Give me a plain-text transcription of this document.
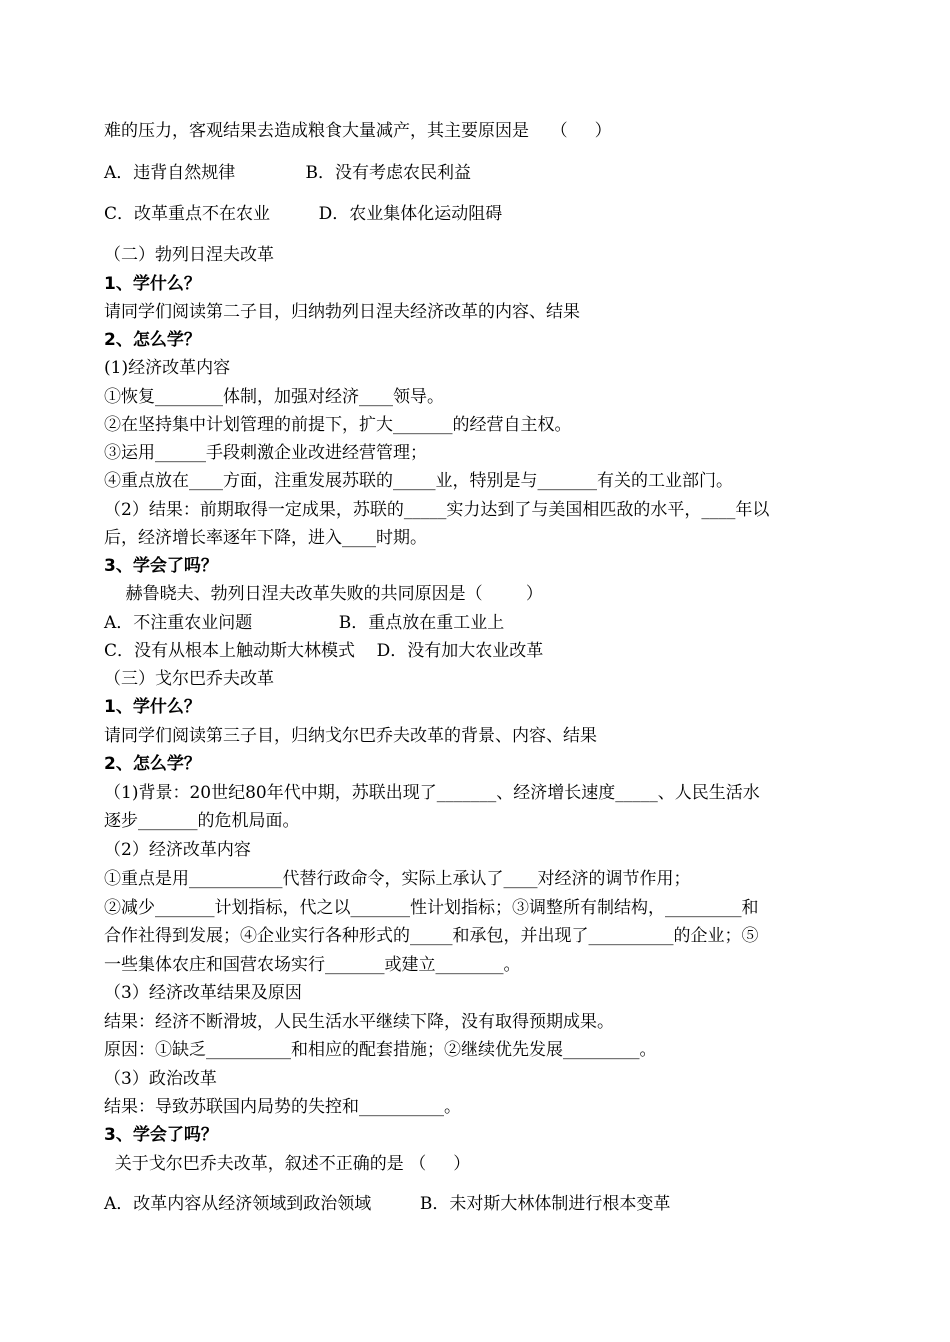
难的压力，客观结果去造成粮食大量减产，其主要原因是    （     ）
A．违背自然规律             B．没有考虑农民利益
C．改革重点不在农业         D．农业集体化运动阻碍
（二）勃列日涅夫改革
1、学什么？
请同学们阅读第二子目，归纳勃列日涅夫经济改革的内容、结果
2、怎么学？
(1)经济改革内容
①恢复________体制，加强对经济____领导。
②在坚持集中计划管理的前提下，扩大_______的经营自主权。
③运用______手段刺激企业改进经营管理；
④重点放在____方面，注重发展苏联的_____业，特别是与_______有关的工业部门。
（2）结果：前期取得一定成果，苏联的_____实力达到了与美国相匹敌的水平，____年以
后，经济增长率逐年下降，进入____时期。
3、学会了吗？
赫鲁晓夫、勃列日涅夫改革失败的共同原因是（        ）
A．不注重农业问题                B．重点放在重工业上
C．没有从根本上触动斯大林模式    D．没有加大农业改革
（三）戈尔巴乔夫改革
1、学什么？
请同学们阅读第三子目，归纳戈尔巴乔夫改革的背景、内容、结果
2、怎么学？
（1)背景：20世纪80年代中期，苏联出现了_______、经济增长速度_____、人民生活水
逐步_______的危机局面。
（2）经济改革内容
①重点是用___________代替行政命令，实际上承认了____对经济的调节作用；
②减少_______计划指标，代之以_______性计划指标；③调整所有制结构，_________和
合作社得到发展；④企业实行各种形式的_____和承包，并出现了__________的企业；⑤
一些集体农庄和国营农场实行_______或建立________。
（3）经济改革结果及原因
结果：经济不断滑坡，人民生活水平继续下降，没有取得预期成果。
原因：①缺乏__________和相应的配套措施；②继续优先发展_________。
（3）政治改革
结果：导致苏联国内局势的失控和__________。
3、学会了吗？
关于戈尔巴乔夫改革，叙述不正确的是 （     ）
A．改革内容从经济领域到政治领域         B．未对斯大林体制进行根本变革
